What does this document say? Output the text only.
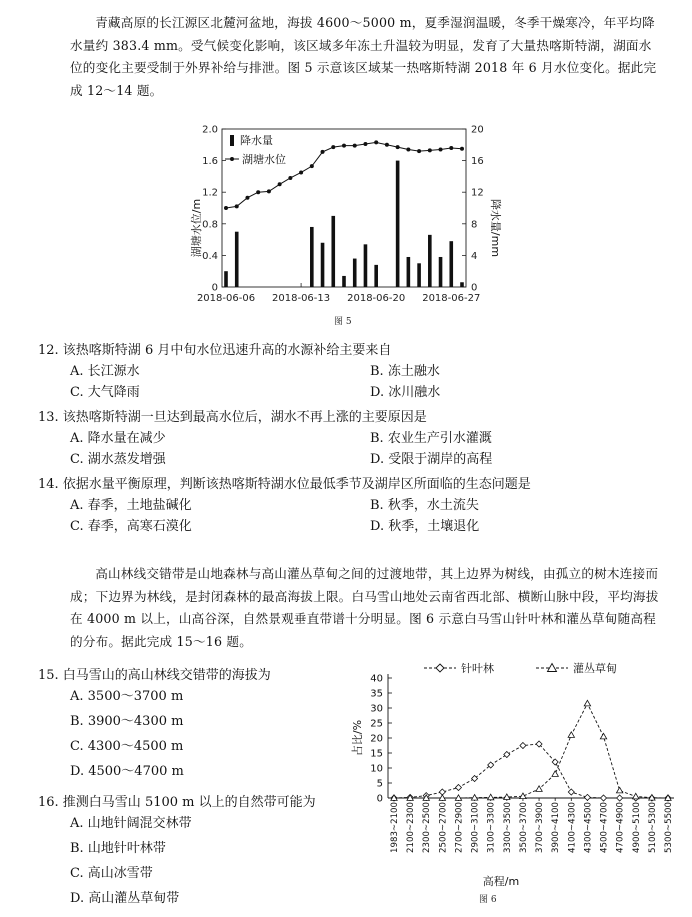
青藏高原的长江源区北麓河盆地，海拔 4600～5000 m，夏季湿润温暖，冬季干燥寒冷，年平均降水量约 383.4 mm。受气候变化影响，该区域多年冻土升温较为明显，发育了大量热喀斯特湖，湖面水位的变化主要受制于外界补给与排泄。图 5 示意该区域某一热喀斯特湖 2018 年 6 月水位变化。据此完成 12～14 题。
0
0.4
0.8
1.2
1.6
2.0
0
4
8
12
16
20
2018-06-06 2018-06-13 2018-06-20 2018-06-27
降水量
湖塘水位
湖塘水位/m	降水量/mm
图 5
12. 该热喀斯特湖 6 月中旬水位迅速升高的水源补给主要来自
A. 长江源水	B. 冻土融水
C. 大气降雨	D. 冰川融水
13. 该热喀斯特湖一旦达到最高水位后，湖水不再上涨的主要原因是
A. 降水量在减少	B. 农业生产引水灌溉
C. 湖水蒸发增强	D. 受限于湖岸的高程
14. 依据水量平衡原理，判断该热喀斯特湖水位最低季节及湖岸区所面临的生态问题是
A. 春季，土地盐碱化	B. 秋季，水土流失
C. 春季，高寒石漠化	D. 秋季，土壤退化
高山林线交错带是山地森林与高山灌丛草甸之间的过渡地带，其上边界为树线，由孤立的树木连接而成；下边界为林线，是封闭森林的最高海拔上限。白马雪山地处云南省西北部、横断山脉中段，平均海拔在 4000 m 以上，山高谷深，自然景观垂直带谱十分明显。图 6 示意白马雪山针叶林和灌丛草甸随高程的分布。据此完成 15～16 题。
15. 白马雪山的高山林线交错带的海拔为
A. 3500～3700 m
B. 3900～4300 m
C. 4300～4500 m
D. 4500～4700 m
16. 推测白马雪山 5100 m 以上的自然带可能为
A. 山地针阔混交林带
B. 山地针叶林带
C. 高山冰雪带
D. 高山灌丛草甸带
针叶林	灌丛草甸
0
5
10
15
20
25
30
35
40
1983~2100 2100~2300 2300~2500 2500~2700 2700~2900 2900~3100 3100~3300 3300~3500 3500~3700 3700~3900 3900~4100 4100~4300 4300~4500 4500~4700 4700~4900 4900~5100 5100~5300 5300~5500
占比/%
高程/m
图 6
